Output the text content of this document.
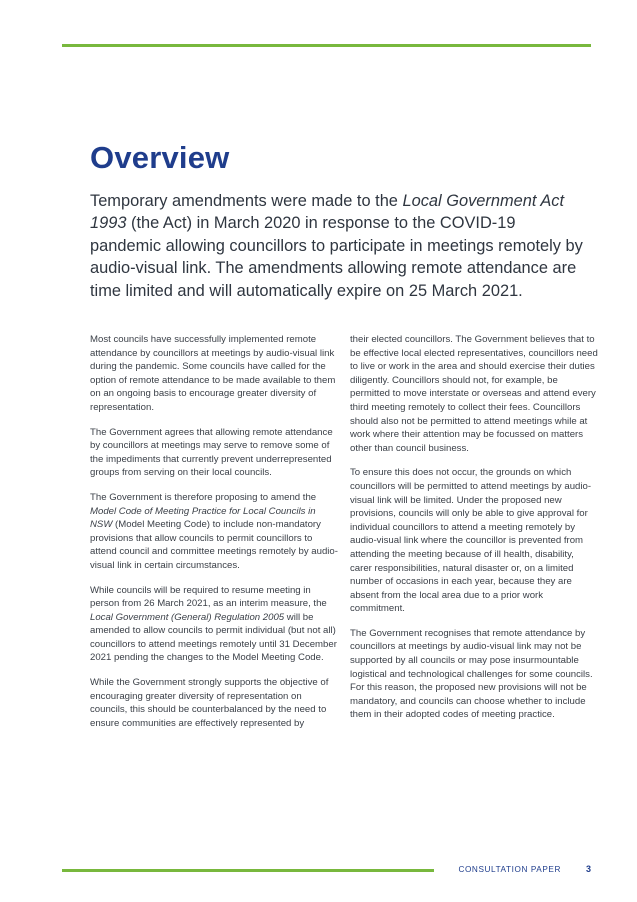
Overview

Temporary amendments were made to the Local Government Act 1993 (the Act) in March 2020 in response to the COVID-19 pandemic allowing councillors to participate in meetings remotely by audio-visual link. The amendments allowing remote attendance are time limited and will automatically expire on 25 March 2021.

Most councils have successfully implemented remote attendance by councillors at meetings by audio-visual link during the pandemic. Some councils have called for the option of remote attendance to be made available to them on an ongoing basis to encourage greater diversity of representation.

The Government agrees that allowing remote attendance by councillors at meetings may serve to remove some of the impediments that currently prevent underrepresented groups from serving on their local councils.

The Government is therefore proposing to amend the Model Code of Meeting Practice for Local Councils in NSW (Model Meeting Code) to include non-mandatory provisions that allow councils to permit councillors to attend council and committee meetings remotely by audio-visual link in certain circumstances.

While councils will be required to resume meeting in person from 26 March 2021, as an interim measure, the Local Government (General) Regulation 2005 will be amended to allow councils to permit individual (but not all) councillors to attend meetings remotely until 31 December 2021 pending the changes to the Model Meeting Code.

While the Government strongly supports the objective of encouraging greater diversity of representation on councils, this should be counterbalanced by the need to ensure communities are effectively represented by

their elected councillors. The Government believes that to be effective local elected representatives, councillors need to live or work in the area and should exercise their duties diligently. Councillors should not, for example, be permitted to move interstate or overseas and attend every third meeting remotely to collect their fees. Councillors should also not be permitted to attend meetings while at work where their attention may be focussed on matters other than council business.

To ensure this does not occur, the grounds on which councillors will be permitted to attend meetings by audio-visual link will be limited. Under the proposed new provisions, councils will only be able to give approval for individual councillors to attend a meeting remotely by audio-visual link where the councillor is prevented from attending the meeting because of ill health, disability, carer responsibilities, natural disaster or, on a limited number of occasions in each year, because they are absent from the local area due to a prior work commitment.

The Government recognises that remote attendance by councillors at meetings by audio-visual link may not be supported by all councils or may pose insurmountable logistical and technological challenges for some councils. For this reason, the proposed new provisions will not be mandatory, and councils can choose whether to include them in their adopted codes of meeting practice.

CONSULTATION PAPER	3
